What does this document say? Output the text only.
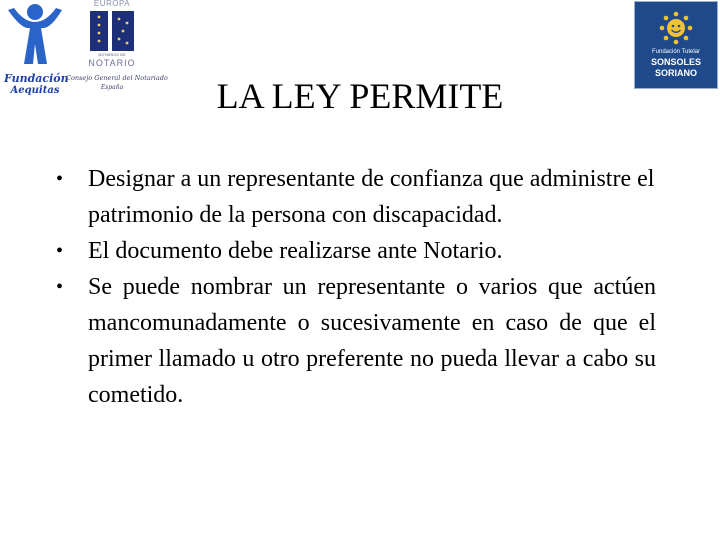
Fundación
Aequitas
EUROPA
NOTARIOS DE
NOTARIO
Consejo General del Notariado
España
Fundación Tutelar
SONSOLES
SORIANO
LA LEY PERMITE
•	Designar a un representante de confianza que administre el patrimonio de la persona con discapacidad.
•	El documento debe realizarse ante Notario.
•	Se puede nombrar un representante o varios que actúen mancomunadamente o sucesivamente en caso de que el primer llamado u otro preferente no pueda llevar a cabo su cometido.
